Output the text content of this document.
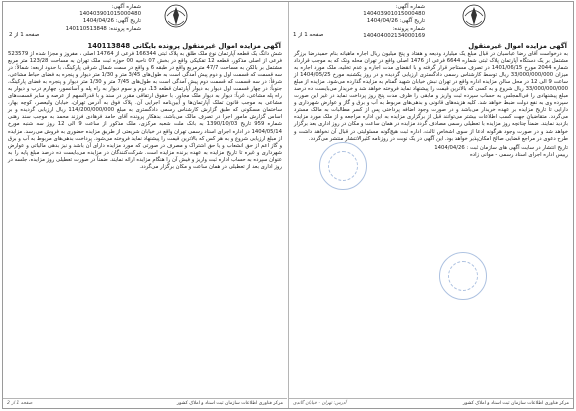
شماره آگهی: 140403901015000480
تاریخ آگهی: 1404/04/26
شماره پرونده: 140404002134000169
صفحه 1 از 1
آگهی مزایده اموال غیرمنقول
به درخواست آقای رضا عباسیان در قبال مبلغ یک میلیارد ودیعه و هفتاد و پنج میلیون ریال اجاره ماهیانه بنام حمیدرضا برزگر مشتمل بر یک دستگاه آپارتمان پلاک ثبتی شماره 6644 فرعی از 1476 اصلی واقع در تهران محله ونک که به موجب قرارداد شماره 2044 مورخ 1401/06/15 در تصرف مستاجر قرار گرفته و با انقضای مدت اجاره و عدم تخلیه، ملک مورد اجاره به میزان 33/000/000/000 ریال توسط کارشناس رسمی دادگستری ارزیابی گردیده و در روز یکشنبه مورخ 1404/05/25 از ساعت 9 الی 12 در محل سالن مزایده اداره واقع در تهران نبش خیابان شهید گمنام به مزایده گذارده می‌شود. مزایده از مبلغ 33/000/000/000 ریال شروع و به کسی که بالاترین قیمت را پیشنهاد نماید فروخته خواهد شد و خریدار می‌بایست ده درصد مبلغ پیشنهادی را فی‌المجلس به حساب سپرده ثبت واریز و مابقی را ظرف مدت پنج روز پرداخت نماید در غیر این صورت سپرده وی به نفع دولت ضبط خواهد شد. کلیه هزینه‌های قانونی و بدهی‌های مربوط به آب و برق و گاز و عوارض شهرداری و دارایی تا تاریخ مزایده بر عهده خریدار می‌باشد و در صورت وجود اضافه پرداختی پس از کسر مطالبات به مالک مسترد می‌گردد. متقاضیان جهت کسب اطلاعات بیشتر می‌توانند قبل از برگزاری مزایده به این اداره مراجعه و از ملک مورد مزایده بازدید نمایند. ضمناً چنانچه روز مزایده با تعطیلی رسمی مصادف گردد مزایده در همان ساعت و مکان در روز اداری بعد برگزار خواهد شد و در صورت وجود هرگونه ادعا از سوی اشخاص ثالث، اداره ثبت هیچ‌گونه مسئولیتی در قبال آن نخواهد داشت و طرح دعوی در مراجع قضایی صالح امکان‌پذیر خواهد بود. این آگهی در یک نوبت در روزنامه کثیرالانتشار منتشر می‌گردد.
تاریخ انتشار در سایت آگهی های سازمان ثبت : 1404/04/26
رییس اداره اجرای اسناد رسمی - موانی زاده
مرکز فناوری اطلاعات سازمان ثبت اسناد و املاک کشور
آدرس: تهران - خیابان گاندی
شماره آگهی: 140403901015000480
تاریخ آگهی: 1404/04/26
شماره پرونده: 140110513848
صفحه 1 از 2
آگهی مزایده اموال غیرمنقول پرونده بایگانی 140113848
شش دانگ یک قطعه آپارتمان نوع ملک طلق به پلاک ثبتی 166344 فرعی از 14764 اصلی ، مفروز و مجزا شده از 523579 فرعی از اصلی مذکور، قطعه 12 تفکیکی واقع در بخش 07 ناحیه 00 حوزه ثبت ملک تهران به مساحت 123/28 متر مربع مشتمل بر بالکن به مساحت 47/7 مترمربع واقع در طبقه 6 و واقع در سمت شمال شرقی پارکینگ، با حدود اربعه: شمالاً: در سه قسمت که قسمت اول و دوم پیش آمدگی است به طول‌های 3/45 متر و 1/30 متر دیوار و پنجره به فضای حیاط مشاعی، شرقاً: در سه قسمت که قسمت دوم پیش آمدگی است به طول‌های 7/45 متر و 1/30 متر دیوار و پنجره به فضای پارکینگ، جنوباً: در چهار قسمت اول دیوار به دیوار آپارتمان قطعه 13، دوم و سوم دیوار به راه پله و آسانسور، چهارم درب و دیوار به راه پله مشاعی، غرباً: دیوار به دیوار ملک مجاور. با حقوق ارتفاقی مقرر در سند و با قدرالسهم از عرصه و سایر قسمت‌های مشاعی به موجب قانون تملک آپارتمان‌ها و آیین‌نامه اجرایی آن. پلاک فوق به آدرس تهران، خیابان ولیعصر، کوچه بهار، ساختمان مسکونی که طبق گزارش کارشناس رسمی دادگستری به مبلغ 114/200/000/000 ریال ارزیابی گردیده و بر اساس گزارش مامور اجرا در تصرف مالک می‌باشد، بدهکار پرونده آقای حامد فرهادی فرزند محمد به موجب سند رهنی شماره 959 تاریخ 1390/10/03 به بانک ملت شعبه مرکزی، ملک مذکور از ساعت 9 الی 12 روز سه شنبه مورخ 1404/05/14 در اداره اجرای اسناد رسمی تهران واقع در خیابان شریعتی از طریق مزایده حضوری به فروش می‌رسد. مزایده از مبلغ ارزیابی شروع و به هر کس که بالاترین قیمت را پیشنهاد نماید فروخته می‌شود. پرداخت بدهی‌های مربوط به آب و برق و گاز اعم از حق انشعاب و یا حق اشتراک و مصرف در صورتی که مورد مزایده دارای آن باشد و نیز بدهی مالیاتی و عوارض شهرداری و غیره تا تاریخ مزایده به عهده برنده مزایده است. شرکت‌کنندگان در مزایده می‌بایست ده درصد مبلغ پایه را به عنوان سپرده به حساب اداره ثبت واریز و فیش آن را هنگام مزایده ارائه نمایند. ضمناً در صورت تعطیلی روز مزایده، جلسه در روز اداری بعد از تعطیلی در همان ساعت و مکان برگزار می‌گردد.
مرکز فناوری اطلاعات سازمان ثبت اسناد و املاک کشور
صفحه 1 از 2
